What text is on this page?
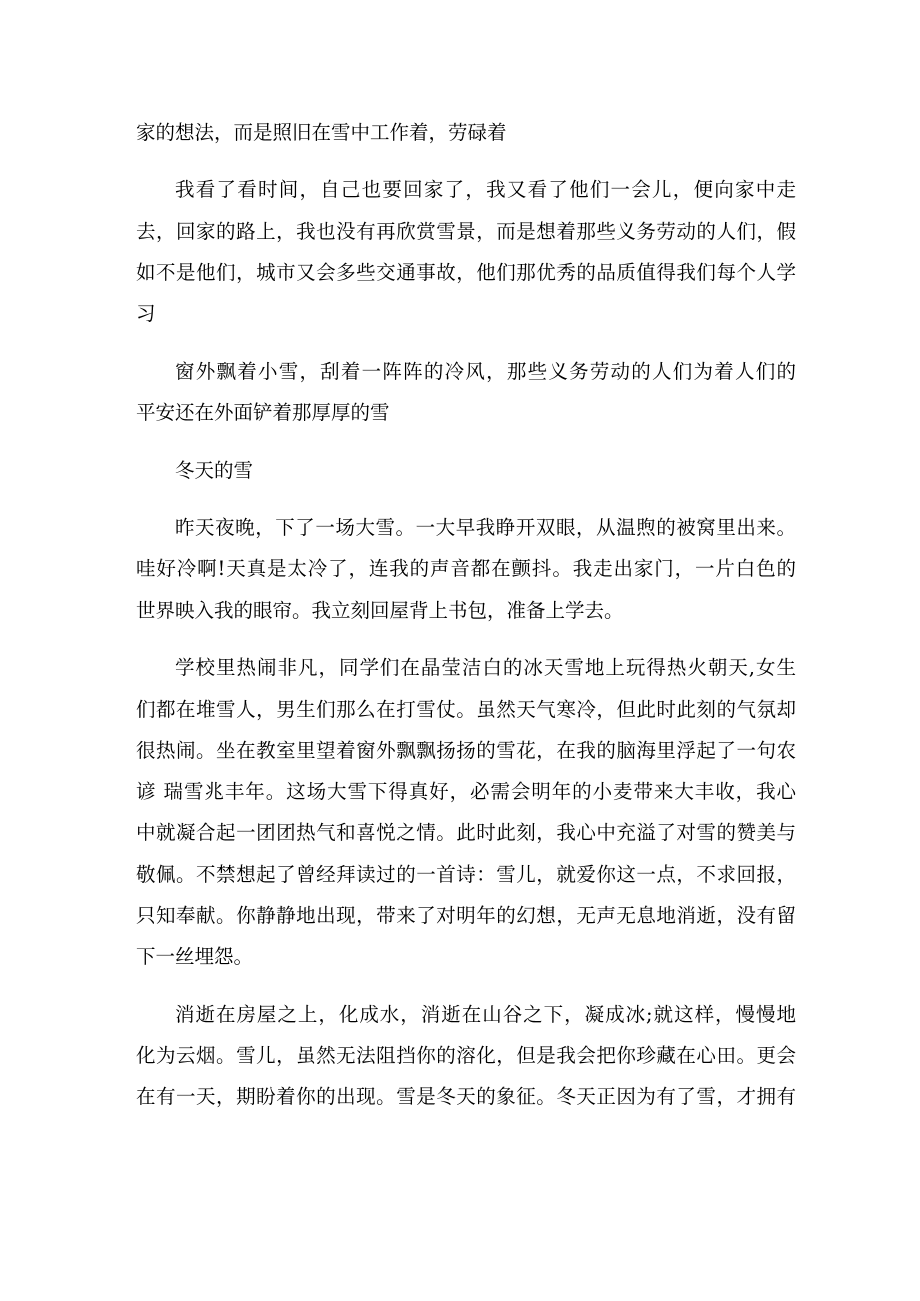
家的想法，而是照旧在雪中工作着，劳碌着
我看了看时间，自己也要回家了，我又看了他们一会儿，便向家中走
去，回家的路上，我也没有再欣赏雪景，而是想着那些义务劳动的人们，假
如不是他们，城市又会多些交通事故，他们那优秀的品质值得我们每个人学
习
窗外飘着小雪，刮着一阵阵的冷风，那些义务劳动的人们为着人们的
平安还在外面铲着那厚厚的雪
冬天的雪
昨天夜晚，下了一场大雪。一大早我睁开双眼，从温煦的被窝里出来。
哇好冷啊!天真是太冷了，连我的声音都在颤抖。我走出家门，一片白色的
世界映入我的眼帘。我立刻回屋背上书包，准备上学去。
学校里热闹非凡，同学们在晶莹洁白的冰天雪地上玩得热火朝天,女生
们都在堆雪人，男生们那么在打雪仗。虽然天气寒冷，但此时此刻的气氛却
很热闹。坐在教室里望着窗外飘飘扬扬的雪花，在我的脑海里浮起了一句农
谚 瑞雪兆丰年。这场大雪下得真好，必需会明年的小麦带来大丰收，我心
中就凝合起一团团热气和喜悦之情。此时此刻，我心中充溢了对雪的赞美与
敬佩。不禁想起了曾经拜读过的一首诗：雪儿，就爱你这一点，不求回报，
只知奉献。你静静地出现，带来了对明年的幻想，无声无息地消逝，没有留
下一丝埋怨。
消逝在房屋之上，化成水，消逝在山谷之下，凝成冰;就这样，慢慢地
化为云烟。雪儿，虽然无法阻挡你的溶化，但是我会把你珍藏在心田。更会
在有一天，期盼着你的出现。雪是冬天的象征。冬天正因为有了雪，才拥有
